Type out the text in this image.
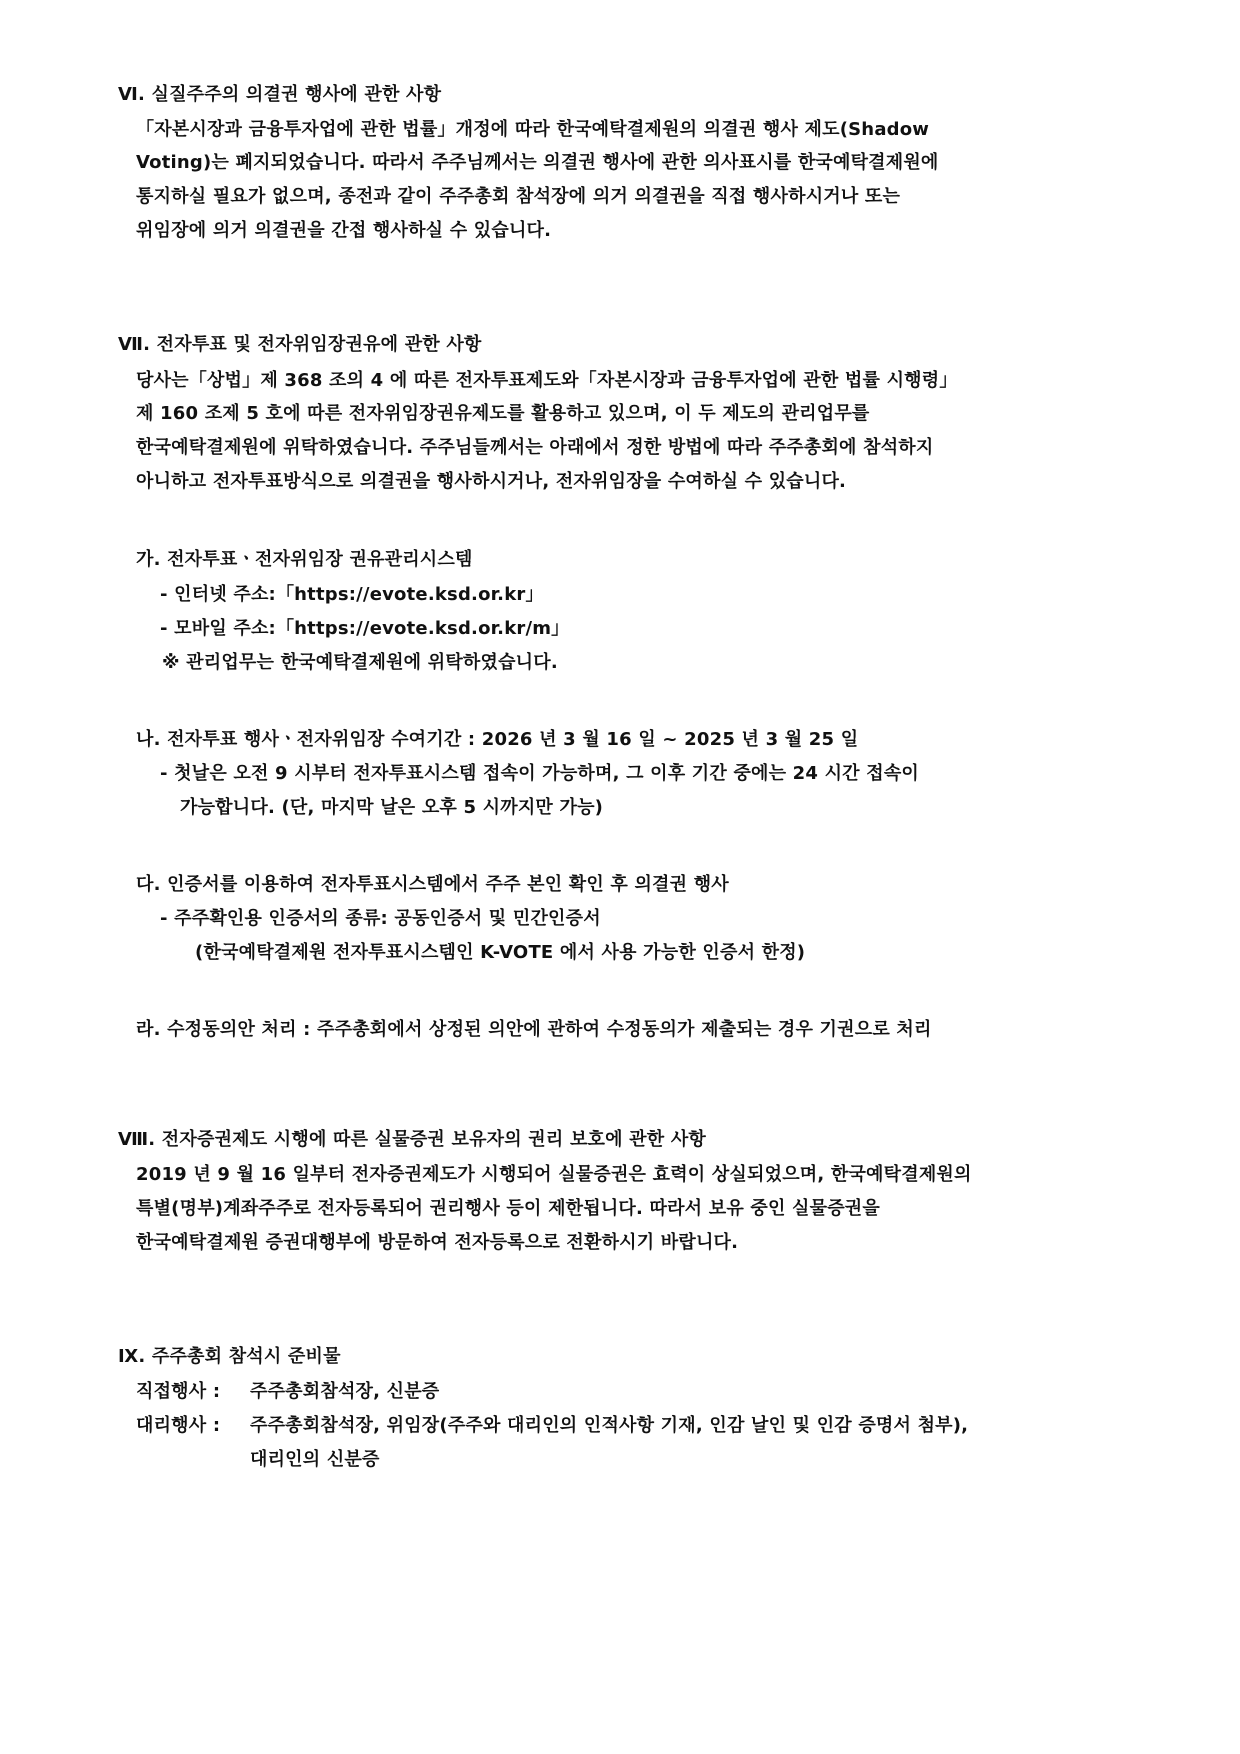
Ⅵ. 실질주주의 의결권 행사에 관한 사항
「자본시장과 금융투자업에 관한 법률」개정에 따라 한국예탁결제원의 의결권 행사 제도(Shadow
Voting)는 폐지되었습니다. 따라서 주주님께서는 의결권 행사에 관한 의사표시를 한국예탁결제원에
통지하실 필요가 없으며, 종전과 같이 주주총회 참석장에 의거 의결권을 직접 행사하시거나 또는
위임장에 의거 의결권을 간접 행사하실 수 있습니다.
Ⅶ. 전자투표 및 전자위임장권유에 관한 사항
당사는「상법」제 368 조의 4 에 따른 전자투표제도와「자본시장과 금융투자업에 관한 법률 시행령」
제 160 조제 5 호에 따른 전자위임장권유제도를 활용하고 있으며, 이 두 제도의 관리업무를
한국예탁결제원에 위탁하였습니다. 주주님들께서는 아래에서 정한 방법에 따라 주주총회에 참석하지
아니하고 전자투표방식으로 의결권을 행사하시거나, 전자위임장을 수여하실 수 있습니다.
가. 전자투표ㆍ전자위임장 권유관리시스템
- 인터넷 주소:「https://evote.ksd.or.kr」
- 모바일 주소:「https://evote.ksd.or.kr/m」
※ 관리업무는 한국예탁결제원에 위탁하였습니다.
나. 전자투표 행사ㆍ전자위임장 수여기간 : 2026 년 3 월 16 일 ~ 2025 년 3 월 25 일
- 첫날은 오전 9 시부터 전자투표시스템 접속이 가능하며, 그 이후 기간 중에는 24 시간 접속이
가능합니다. (단, 마지막 날은 오후 5 시까지만 가능)
다. 인증서를 이용하여 전자투표시스템에서 주주 본인 확인 후 의결권 행사
- 주주확인용 인증서의 종류: 공동인증서 및 민간인증서
(한국예탁결제원 전자투표시스템인 K-VOTE 에서 사용 가능한 인증서 한정)
라. 수정동의안 처리 : 주주총회에서 상정된 의안에 관하여 수정동의가 제출되는 경우 기권으로 처리
Ⅷ. 전자증권제도 시행에 따른 실물증권 보유자의 권리 보호에 관한 사항
2019 년 9 월 16 일부터 전자증권제도가 시행되어 실물증권은 효력이 상실되었으며, 한국예탁결제원의
특별(명부)계좌주주로 전자등록되어 권리행사 등이 제한됩니다. 따라서 보유 중인 실물증권을
한국예탁결제원 증권대행부에 방문하여 전자등록으로 전환하시기 바랍니다.
Ⅸ. 주주총회 참석시 준비물
직접행사 : 주주총회참석장, 신분증
대리행사 : 주주총회참석장, 위임장(주주와 대리인의 인적사항 기재, 인감 날인 및 인감 증명서 첨부),
대리인의 신분증
